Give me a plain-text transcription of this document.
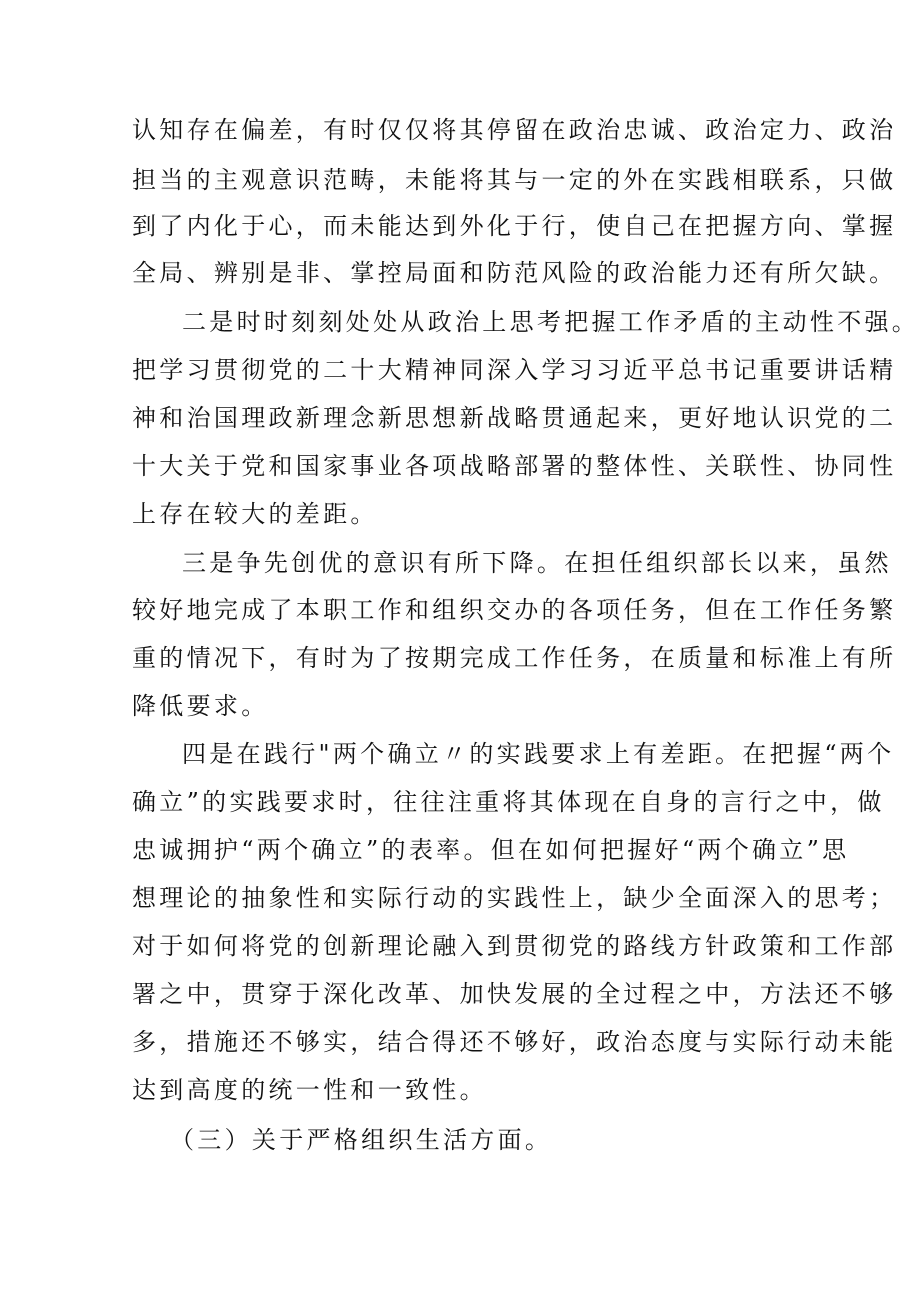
认知存在偏差，有时仅仅将其停留在政治忠诚、政治定力、政治
担当的主观意识范畴，未能将其与一定的外在实践相联系，只做
到了内化于心，而未能达到外化于行，使自己在把握方向、掌握
全局、辨别是非、掌控局面和防范风险的政治能力还有所欠缺。
二是时时刻刻处处从政治上思考把握工作矛盾的主动性不强。
把学习贯彻党的二十大精神同深入学习习近平总书记重要讲话精
神和治国理政新理念新思想新战略贯通起来，更好地认识党的二
十大关于党和国家事业各项战略部署的整体性、关联性、协同性
上存在较大的差距。
三是争先创优的意识有所下降。在担任组织部长以来，虽然
较好地完成了本职工作和组织交办的各项任务，但在工作任务繁
重的情况下，有时为了按期完成工作任务，在质量和标准上有所
降低要求。
四是在践行"两个确立〃的实践要求上有差距。在把握“两个
确立”的实践要求时，往往注重将其体现在自身的言行之中，做
忠诚拥护“两个确立”的表率。但在如何把握好“两个确立”思
想理论的抽象性和实际行动的实践性上，缺少全面深入的思考；
对于如何将党的创新理论融入到贯彻党的路线方针政策和工作部
署之中，贯穿于深化改革、加快发展的全过程之中，方法还不够
多，措施还不够实，结合得还不够好，政治态度与实际行动未能
达到高度的统一性和一致性。
（三）关于严格组织生活方面。
